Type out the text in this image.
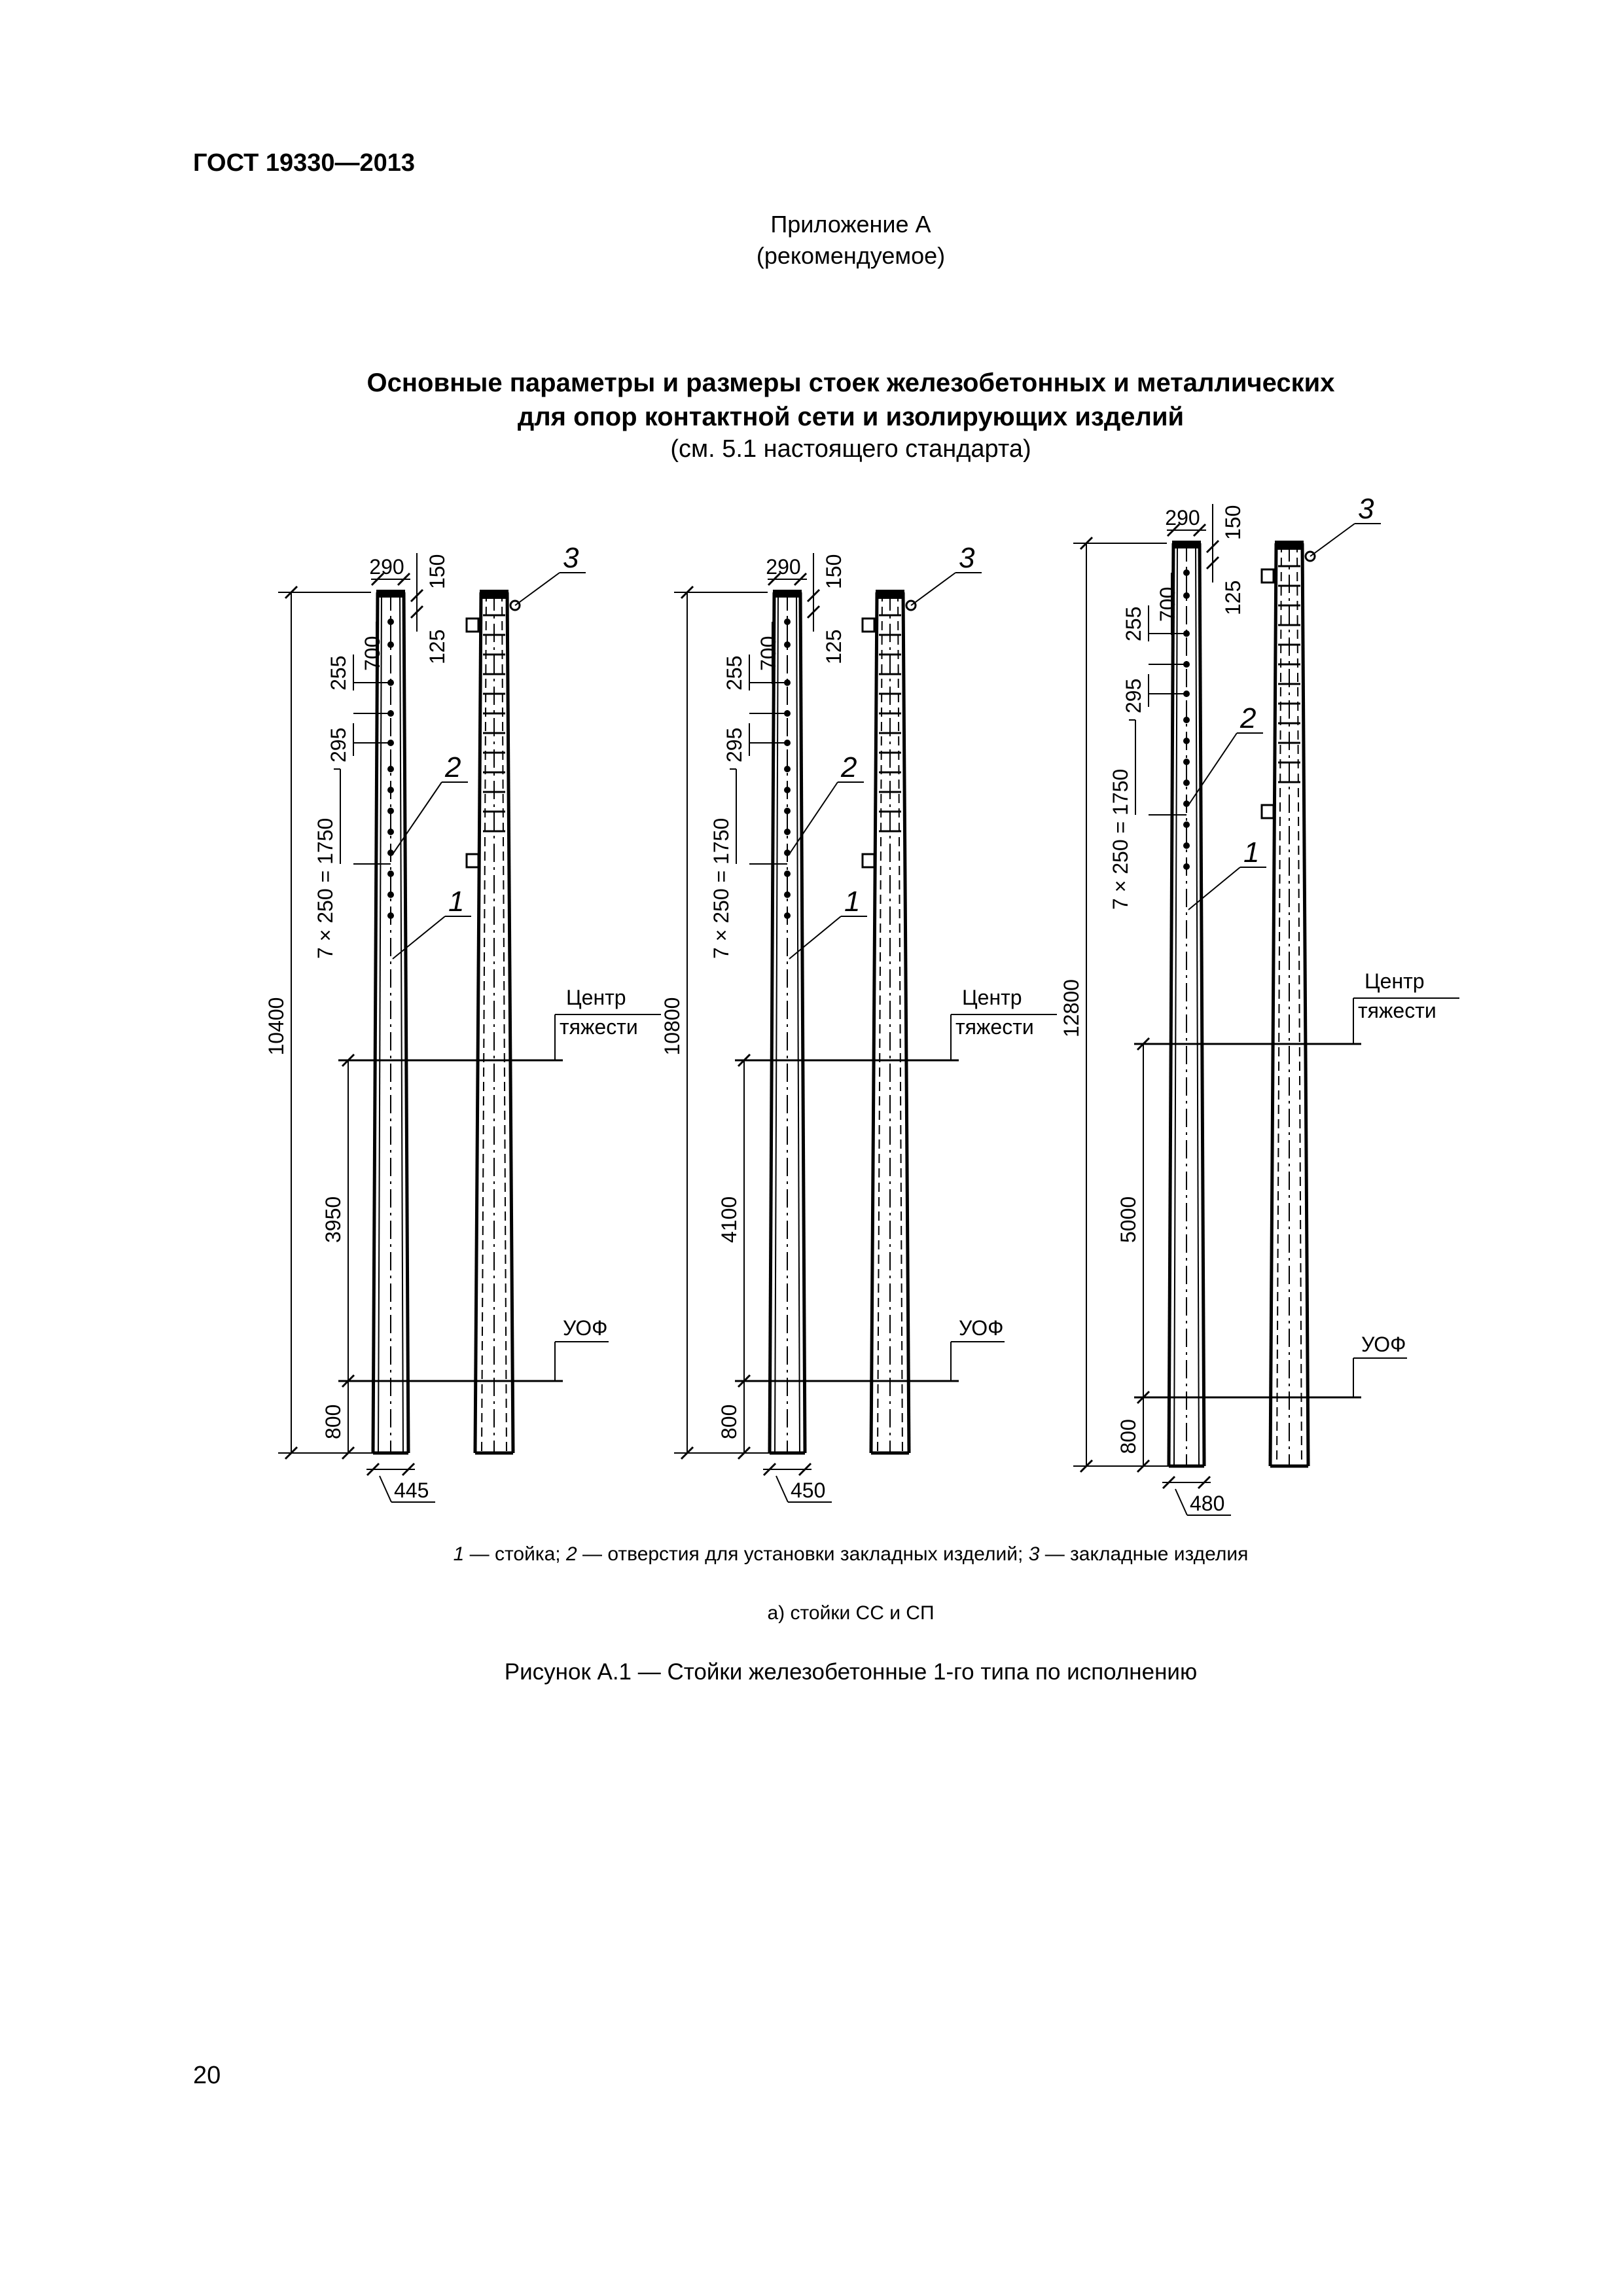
ГОСТ 19330—2013
Приложение А
(рекомендуемое)
Основные параметры и размеры стоек железобетонных и металлических
для опор контактной сети и изолирующих изделий
(см. 5.1 настоящего стандарта)
10400
800
3950
7 × 250 = 1750
295
255
700
290 150
125
445
Центр
тяжести
УОФ
1
2
3
10800
800
4100
7 × 250 = 1750
295
255
700
290 150
125
450
Центр
тяжести
УОФ
1
2
3
12800
800
5000
7 × 250 = 1750
295
255
700
290 150
125
480
Центр
тяжести
УОФ
1
2
3
1 — стойка; 2 — отверстия для установки закладных изделий; 3 — закладные изделия
а) стойки СС и СП
Рисунок А.1 — Стойки железобетонные 1-го типа по исполнению
20
